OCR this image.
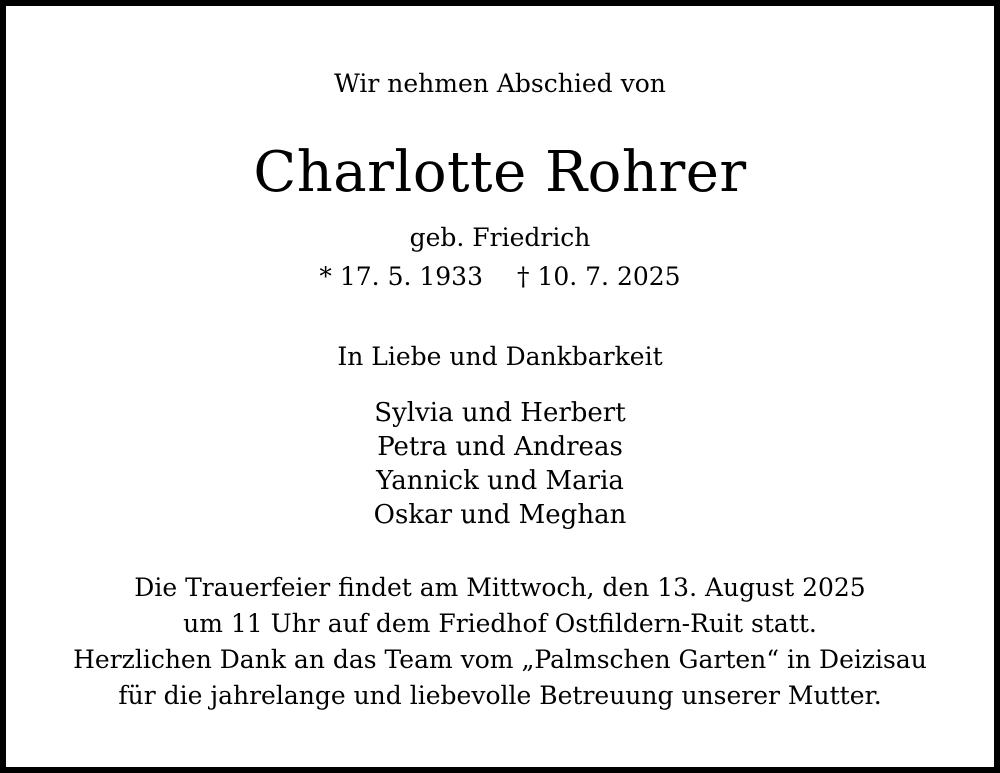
Wir nehmen Abschied von
Charlotte Rohrer
geb. Friedrich
* 17. 5. 1933 † 10. 7. 2025
In Liebe und Dankbarkeit
Sylvia und Herbert
Petra und Andreas
Yannick und Maria
Oskar und Meghan
Die Trauerfeier findet am Mittwoch, den 13. August 2025
um 11 Uhr auf dem Friedhof Ostfildern-Ruit statt.
Herzlichen Dank an das Team vom „Palmschen Garten“ in Deizisau
für die jahrelange und liebevolle Betreuung unserer Mutter.
